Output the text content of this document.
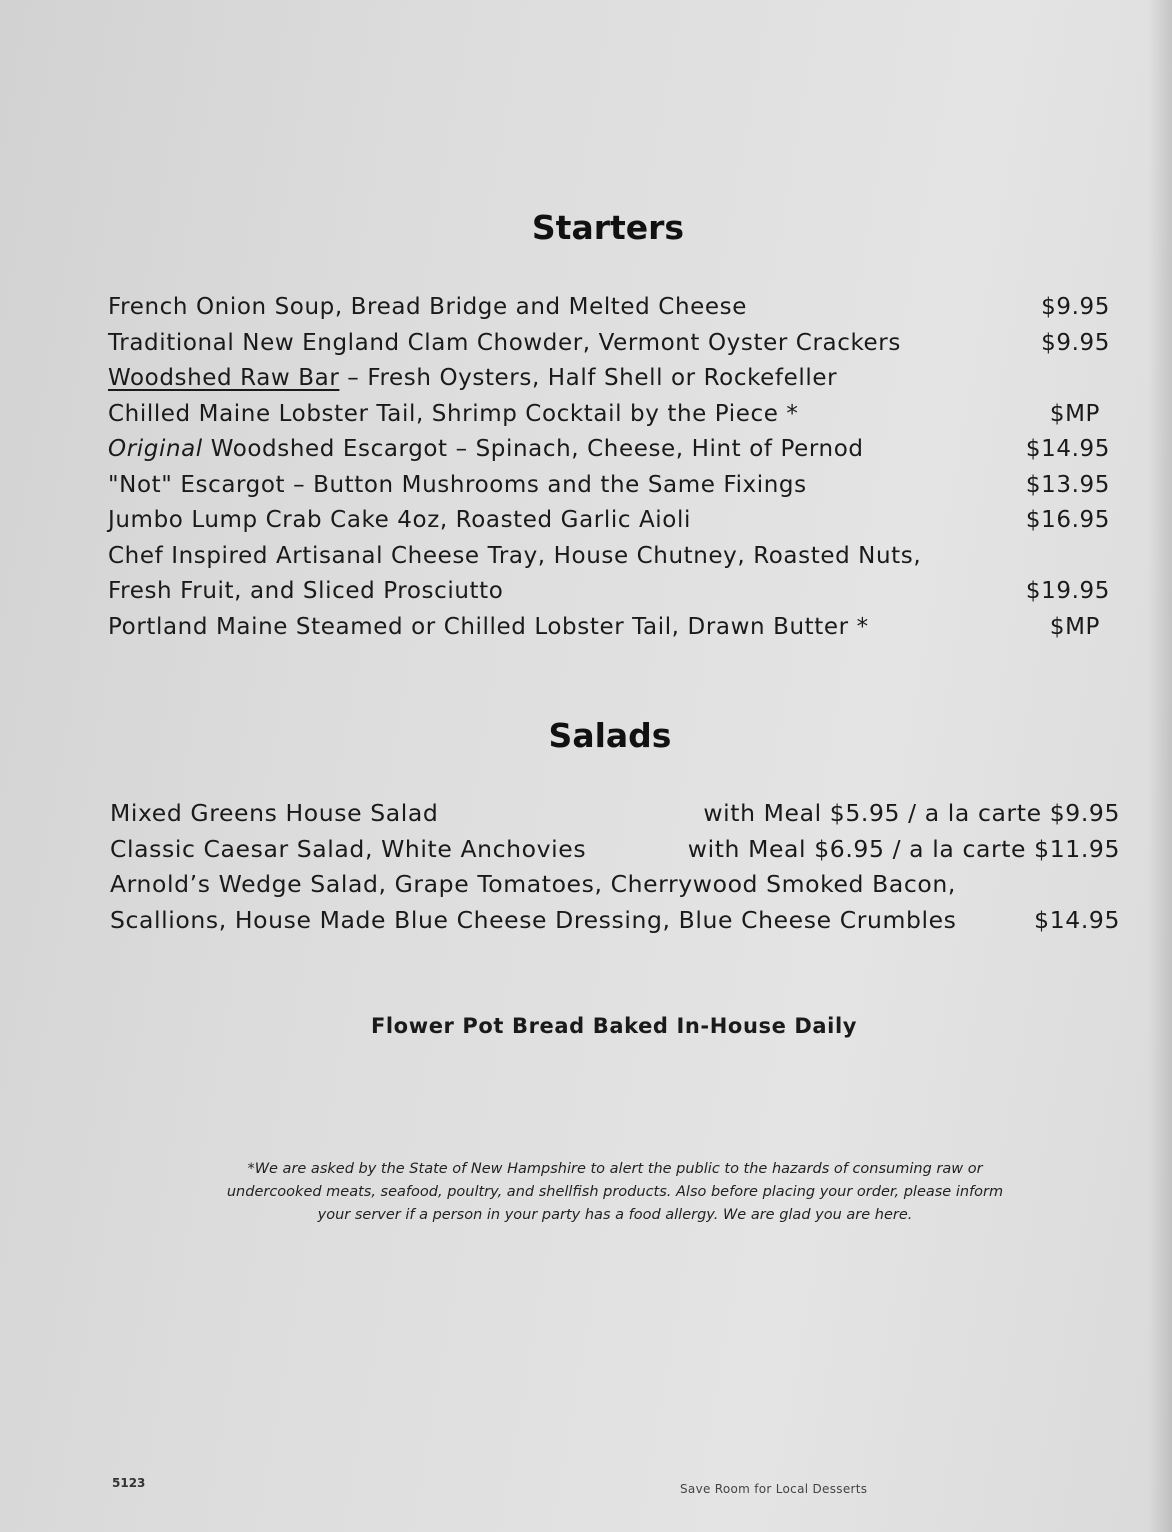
Starters
French Onion Soup, Bread Bridge and Melted Cheese	$9.95
Traditional New England Clam Chowder, Vermont Oyster Crackers	$9.95
Woodshed Raw Bar – Fresh Oysters, Half Shell or Rockefeller
Chilled Maine Lobster Tail, Shrimp Cocktail by the Piece *	$MP
Original Woodshed Escargot – Spinach, Cheese, Hint of Pernod	$14.95
"Not" Escargot – Button Mushrooms and the Same Fixings	$13.95
Jumbo Lump Crab Cake 4oz, Roasted Garlic Aioli	$16.95
Chef Inspired Artisanal Cheese Tray, House Chutney, Roasted Nuts,
Fresh Fruit, and Sliced Prosciutto	$19.95
Portland Maine Steamed or Chilled Lobster Tail, Drawn Butter *	$MP
Salads
Mixed Greens House Salad	with Meal $5.95 / a la carte $9.95
Classic Caesar Salad, White Anchovies	with Meal $6.95 / a la carte $11.95
Arnold’s Wedge Salad, Grape Tomatoes, Cherrywood Smoked Bacon,
Scallions, House Made Blue Cheese Dressing, Blue Cheese Crumbles	$14.95
Flower Pot Bread Baked In-House Daily
*We are asked by the State of New Hampshire to alert the public to the hazards of consuming raw or
undercooked meats, seafood, poultry, and shellfish products. Also before placing your order, please inform
your server if a person in your party has a food allergy. We are glad you are here.
5123	Save Room for Local Desserts
